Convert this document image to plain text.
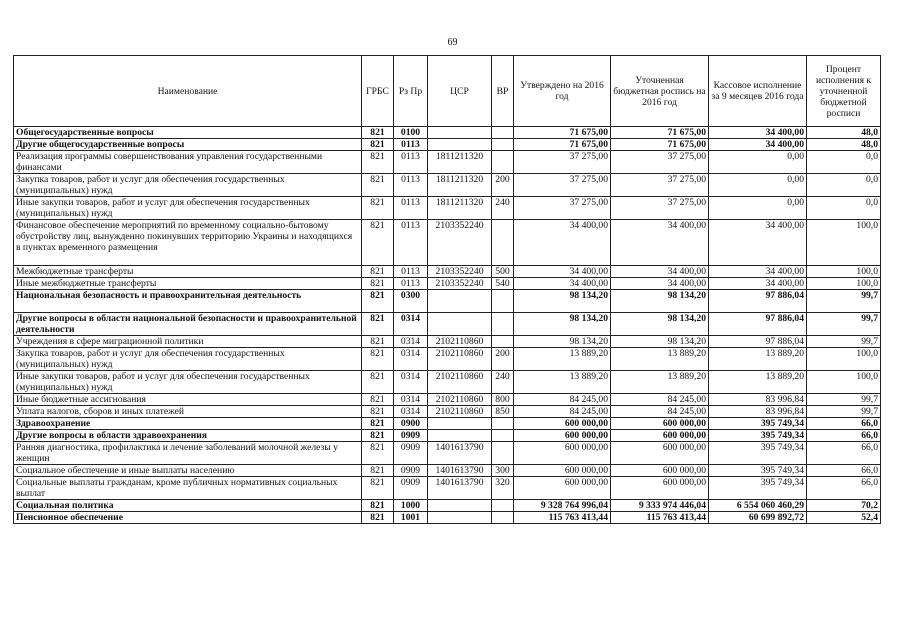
69
Наименование	ГРБС	Рз Пр	ЦСР	ВР	Утверждено на 2016 год	Уточненная бюджетная роспись на 2016 год	Кассовое исполнение за 9 месяцев 2016 года	Процент исполнения к уточненной бюджетной росписи
Общегосударственные вопросы	821	0100			71 675,00	71 675,00	34 400,00	48,0
Другие общегосударственные вопросы	821	0113			71 675,00	71 675,00	34 400,00	48,0
Реализация программы совершенствования управления государственными финансами	821	0113	1811211320		37 275,00	37 275,00	0,00	0,0
Закупка товаров, работ и услуг для обеспечения государственных (муниципальных) нужд	821	0113	1811211320	200	37 275,00	37 275,00	0,00	0,0
Иные закупки товаров, работ и услуг для обеспечения государственных (муниципальных) нужд	821	0113	1811211320	240	37 275,00	37 275,00	0,00	0,0
Финансовое обеспечение мероприятий по временному социально-бытовому обустройству лиц, вынужденно покинувших территорию Украины и находящихся в пунктах временного размещения	821	0113	2103352240		34 400,00	34 400,00	34 400,00	100,0
Межбюджетные трансферты	821	0113	2103352240	500	34 400,00	34 400,00	34 400,00	100,0
Иные межбюджетные трансферты	821	0113	2103352240	540	34 400,00	34 400,00	34 400,00	100,0
Национальная безопасность и правоохранительная деятельность	821	0300			98 134,20	98 134,20	97 886,04	99,7
Другие вопросы в области национальной безопасности и правоохранительной деятельности	821	0314			98 134,20	98 134,20	97 886,04	99,7
Учреждения в сфере миграционной политики	821	0314	2102110860		98 134,20	98 134,20	97 886,04	99,7
Закупка товаров, работ и услуг для обеспечения государственных (муниципальных) нужд	821	0314	2102110860	200	13 889,20	13 889,20	13 889,20	100,0
Иные закупки товаров, работ и услуг для обеспечения государственных (муниципальных) нужд	821	0314	2102110860	240	13 889,20	13 889,20	13 889,20	100,0
Иные бюджетные ассигнования	821	0314	2102110860	800	84 245,00	84 245,00	83 996,84	99,7
Уплата налогов, сборов и иных платежей	821	0314	2102110860	850	84 245,00	84 245,00	83 996,84	99,7
Здравоохранение	821	0900			600 000,00	600 000,00	395 749,34	66,0
Другие вопросы в области здравоохранения	821	0909			600 000,00	600 000,00	395 749,34	66,0
Ранняя диагностика, профилактика и лечение заболеваний молочной железы у женщин	821	0909	1401613790		600 000,00	600 000,00	395 749,34	66,0
Социальное обеспечение и иные выплаты населению	821	0909	1401613790	300	600 000,00	600 000,00	395 749,34	66,0
Социальные выплаты гражданам, кроме публичных нормативных социальных выплат	821	0909	1401613790	320	600 000,00	600 000,00	395 749,34	66,0
Социальная политика	821	1000			9 328 764 996,04	9 333 974 446,04	6 554 060 460,29	70,2
Пенсионное обеспечение	821	1001			115 763 413,44	115 763 413,44	60 699 892,72	52,4
